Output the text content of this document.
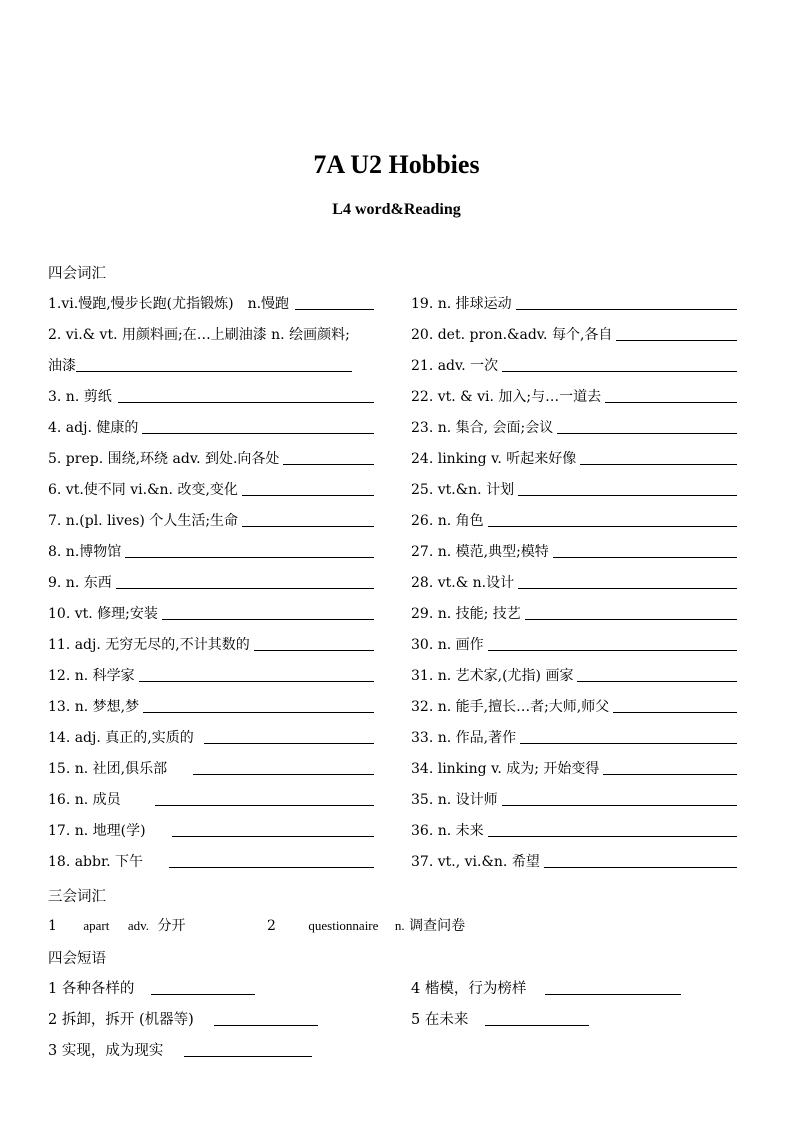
7A U2 Hobbies
L4 word&Reading
四会词汇
1.vi.慢跑,慢步长跑(尤指锻炼)　n.慢跑	19. n. 排球运动
2. vi.& vt. 用颜料画;在…上刷油漆 n. 绘画颜料;	20. det. pron.&adv. 每个,各自
油漆	21. adv. 一次
3. n. 剪纸	22. vt. & vi. 加入;与…一道去
4. adj. 健康的	23. n. 集合, 会面;会议
5. prep. 围绕,环绕 adv. 到处.向各处	24. linking v. 听起来好像
6. vt.使不同 vi.&n. 改变,变化	25. vt.&n. 计划
7. n.(pl. lives) 个人生活;生命	26. n. 角色
8. n.博物馆	27. n. 模范,典型;模特
9. n. 东西	28. vt.& n.设计
10. vt. 修理;安装	29. n. 技能; 技艺
11. adj. 无穷无尽的,不计其数的	30. n. 画作
12. n. 科学家	31. n. 艺术家,(尤指) 画家
13. n. 梦想,梦	32. n. 能手,擅长…者;大师,师父
14. adj. 真正的,实质的	33. n. 作品,著作
15. n. 社团,俱乐部	34. linking v. 成为; 开始变得
16. n. 成员	35. n. 设计师
17. n. 地理(学)	36. n. 未来
18. abbr. 下午	37. vt., vi.&n. 希望
三会词汇
1 apart adv. 分开	2 questionnaire n. 调查问卷
四会短语
1 各种各样的	4 楷模，行为榜样
2 拆卸，拆开 (机器等)	5 在未来
3 实现，成为现实
